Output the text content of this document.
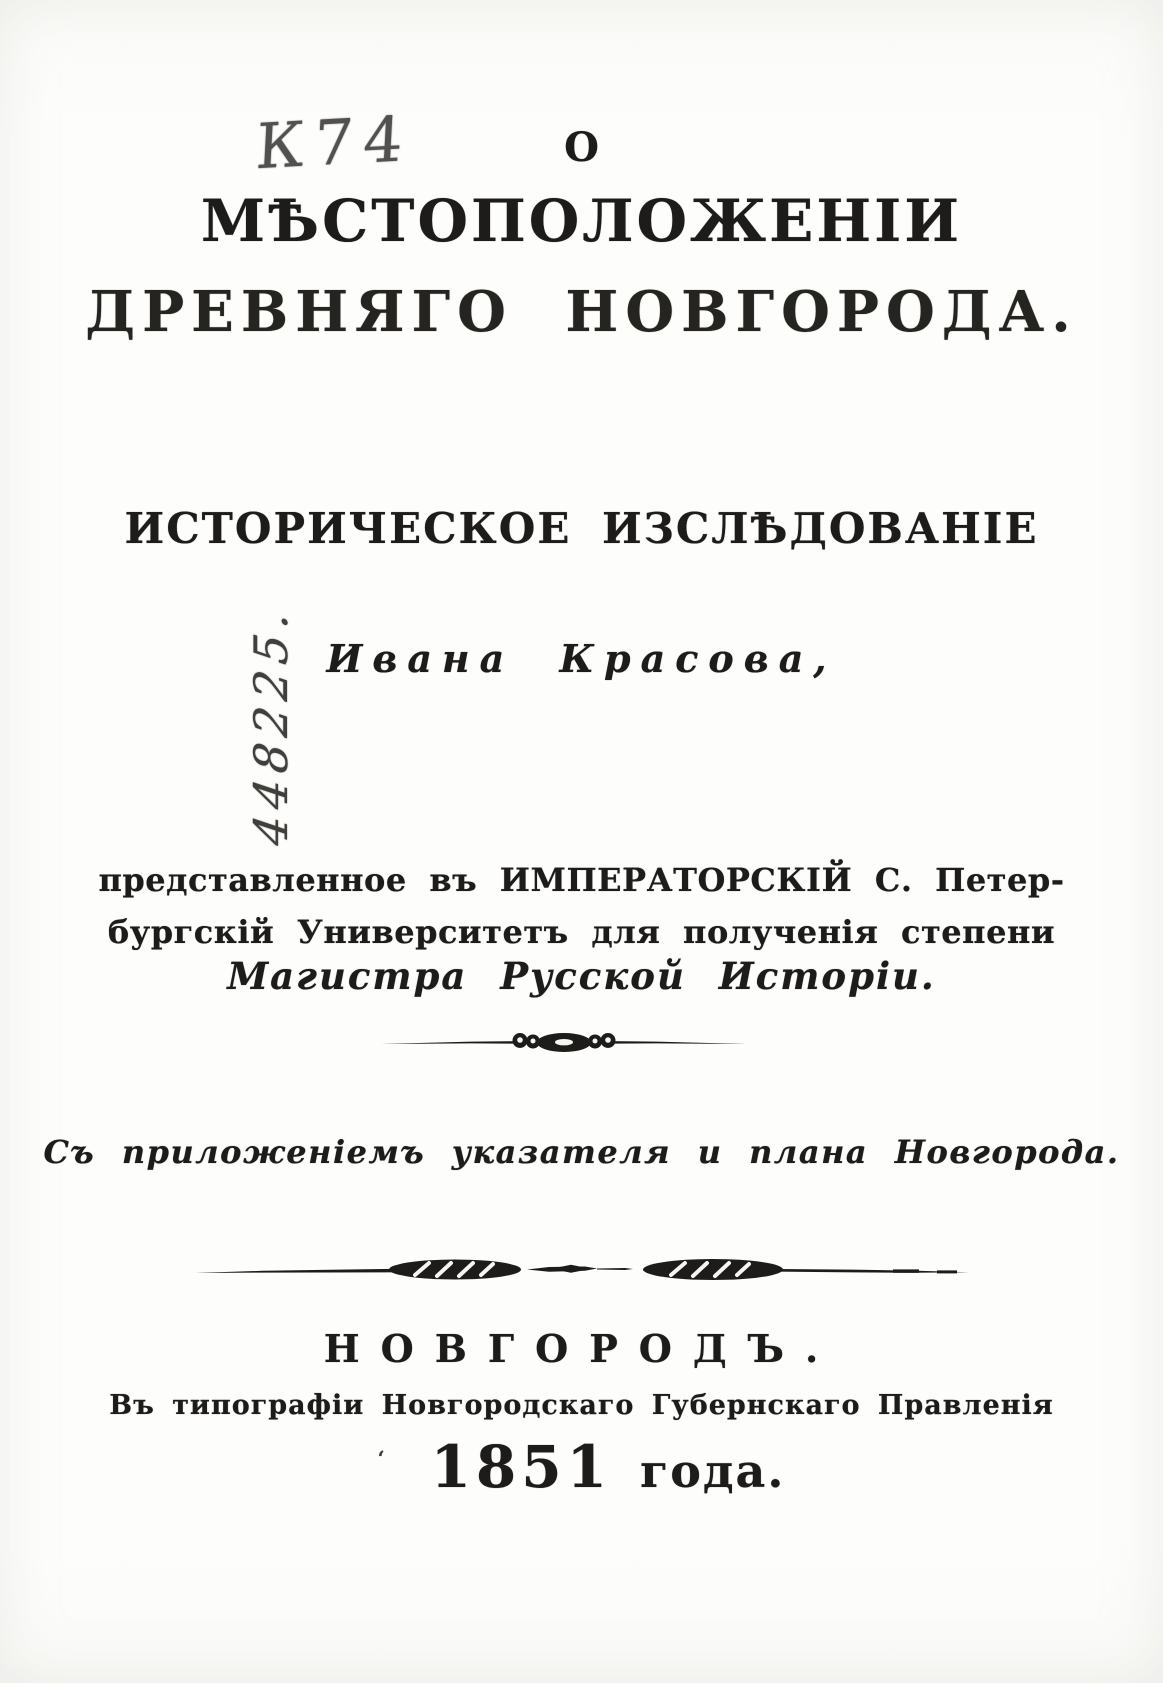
К74	О
МѢСТОПОЛОЖЕНІИ
ДРЕВНЯГО НОВГОРОДА.
ИСТОРИЧЕСКОЕ ИЗСЛѢДОВАНІЕ
448225. Ивана Красова,
представленное въ ИМПЕРАТОРСКІЙ С. Петер-
бургскій Университетъ для полученія степени
Магистра Русской Исторіи.
Съ приложеніемъ указателя и плана Новгорода.
НОВГОРОДЪ.
Въ типографіи Новгородскаго Губернскаго Правленія
‘ 1851 года.
